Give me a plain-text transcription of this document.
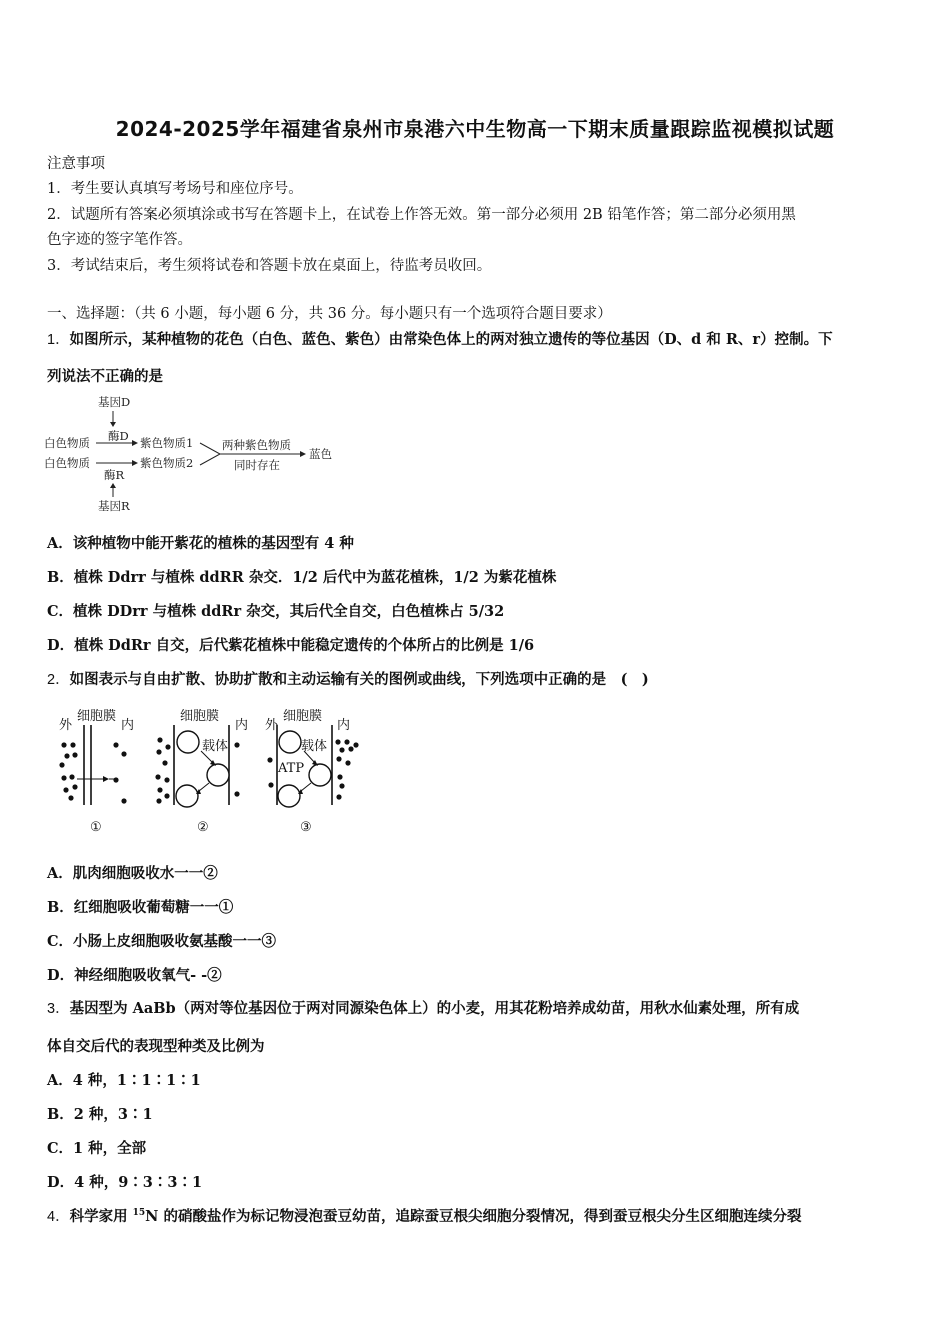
2024-2025学年福建省泉州市泉港六中生物高一下期末质量跟踪监视模拟试题
注意事项
1．考生要认真填写考场号和座位序号。
2．试题所有答案必须填涂或书写在答题卡上，在试卷上作答无效。第一部分必须用 2B 铅笔作答；第二部分必须用黑
色字迹的签字笔作答。
3．考试结束后，考生须将试卷和答题卡放在桌面上，待监考员收回。
一、选择题：（共 6 小题，每小题 6 分，共 36 分。每小题只有一个选项符合题目要求）
1．如图所示，某种植物的花色（白色、蓝色、紫色）由常染色体上的两对独立遗传的等位基因（D、d 和 R、r）控制。下
列说法不正确的是
基因D
酶D
白色物质	紫色物质1
白色物质	紫色物质2
两种紫色物质
同时存在
蓝色
酶R
基因R
A．该种植物中能开紫花的植株的基因型有 4 种
B．植株 Ddrr 与植株 ddRR 杂交．1/2 后代中为蓝花植株，1/2 为紫花植株
C．植株 DDrr 与植株 ddRr 杂交，其后代全自交，白色植株占 5/32
D．植株 DdRr 自交，后代紫花植株中能稳定遗传的个体所占的比例是 1/6
2．如图表示与自由扩散、协助扩散和主动运输有关的图例或曲线，下列选项中正确的是　(　)
外
细胞膜
内
①
细胞膜
内
载体
②
外
细胞膜
内
载体
ATP
③
A．肌肉细胞吸收水一一②
B．红细胞吸收葡萄糖一一①
C．小肠上皮细胞吸收氨基酸一一③
D．神经细胞吸收氧气- -②
3．基因型为 AaBb（两对等位基因位于两对同源染色体上）的小麦，用其花粉培养成幼苗，用秋水仙素处理，所有成
体自交后代的表现型种类及比例为
A．4 种，1∶1∶1∶1
B．2 种，3∶1
C．1 种，全部
D．4 种，9∶3∶3∶1
4．科学家用 $^{15}$N 的硝酸盐作为标记物浸泡蚕豆幼苗，追踪蚕豆根尖细胞分裂情况，得到蚕豆根尖分生区细胞连续分裂
